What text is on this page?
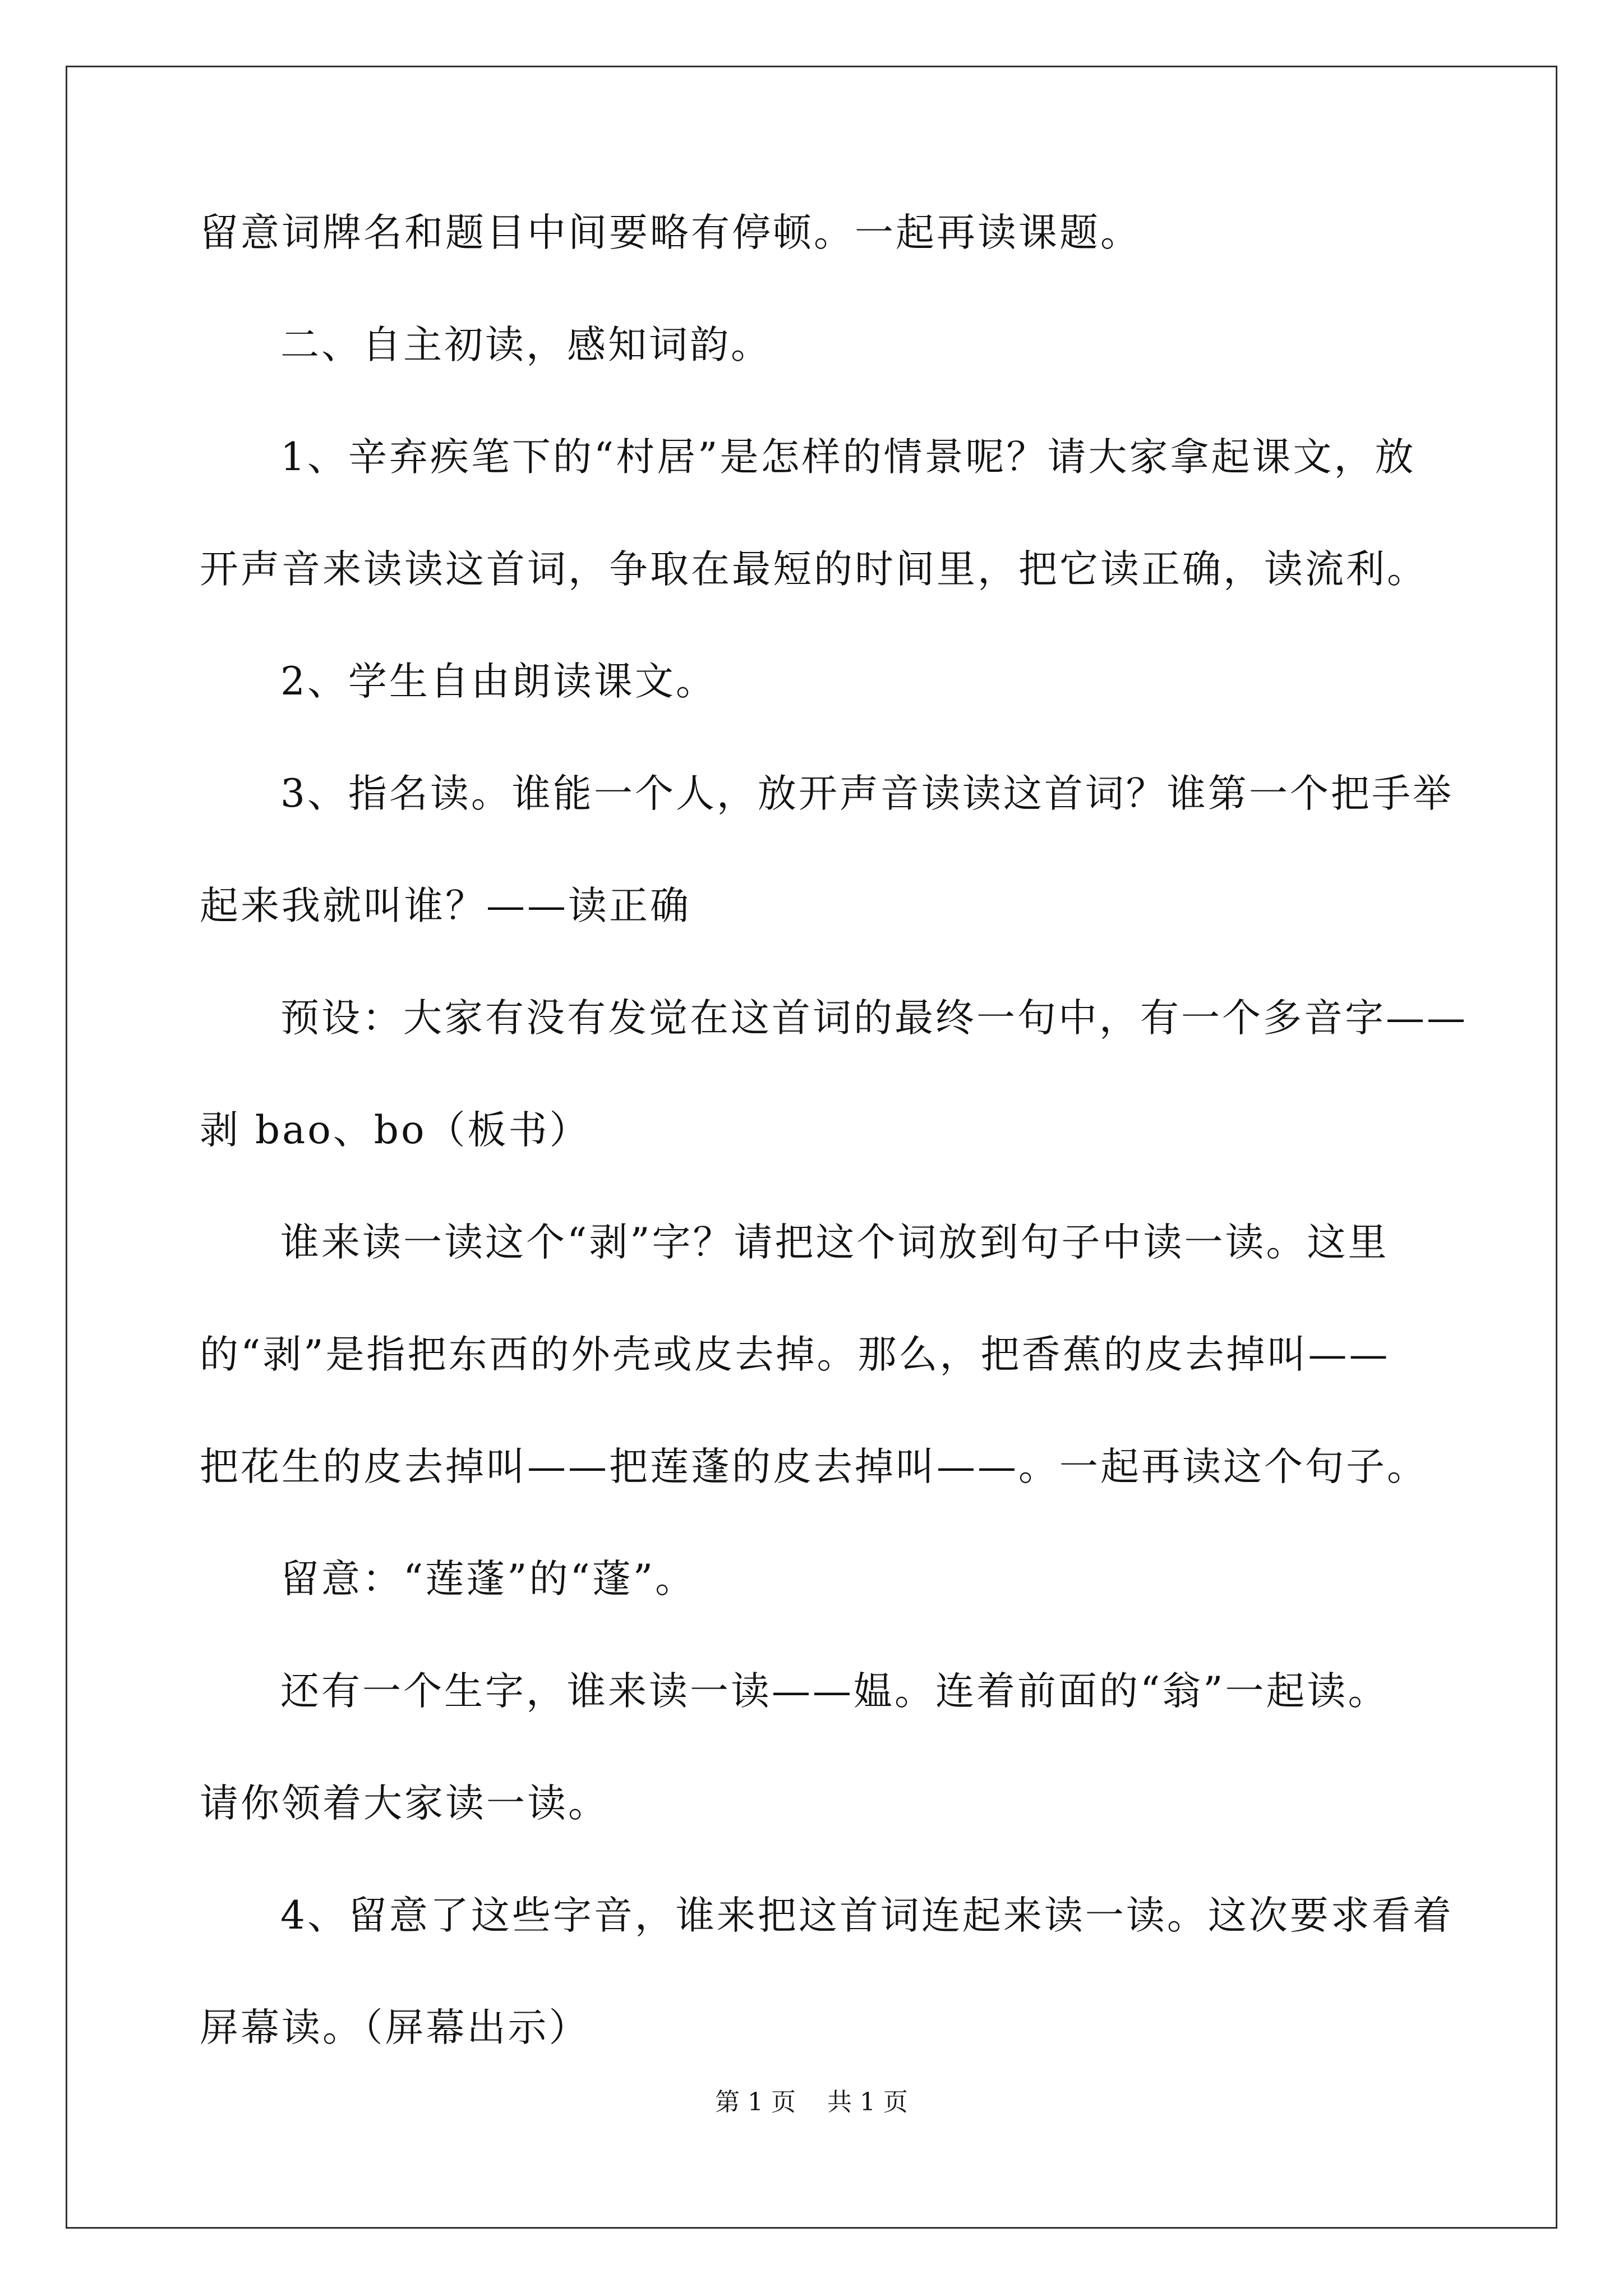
留意词牌名和题目中间要略有停顿。一起再读课题。
二、自主初读，感知词韵。
1、辛弃疾笔下的“村居”是怎样的情景呢？请大家拿起课文，放
开声音来读读这首词，争取在最短的时间里，把它读正确，读流利。
2、学生自由朗读课文。
3、指名读。谁能一个人，放开声音读读这首词？谁第一个把手举
起来我就叫谁？——读正确
预设：大家有没有发觉在这首词的最终一句中，有一个多音字——
剥 bao、bo（板书）
谁来读一读这个“剥”字？请把这个词放到句子中读一读。这里
的“剥”是指把东西的外壳或皮去掉。那么，把香蕉的皮去掉叫——
把花生的皮去掉叫——把莲蓬的皮去掉叫——。一起再读这个句子。
留意：“莲蓬”的“蓬”。
还有一个生字，谁来读一读——媪。连着前面的“翁”一起读。
请你领着大家读一读。
4、留意了这些字音，谁来把这首词连起来读一读。这次要求看着
屏幕读。（屏幕出示）
第 1 页    共 1 页
